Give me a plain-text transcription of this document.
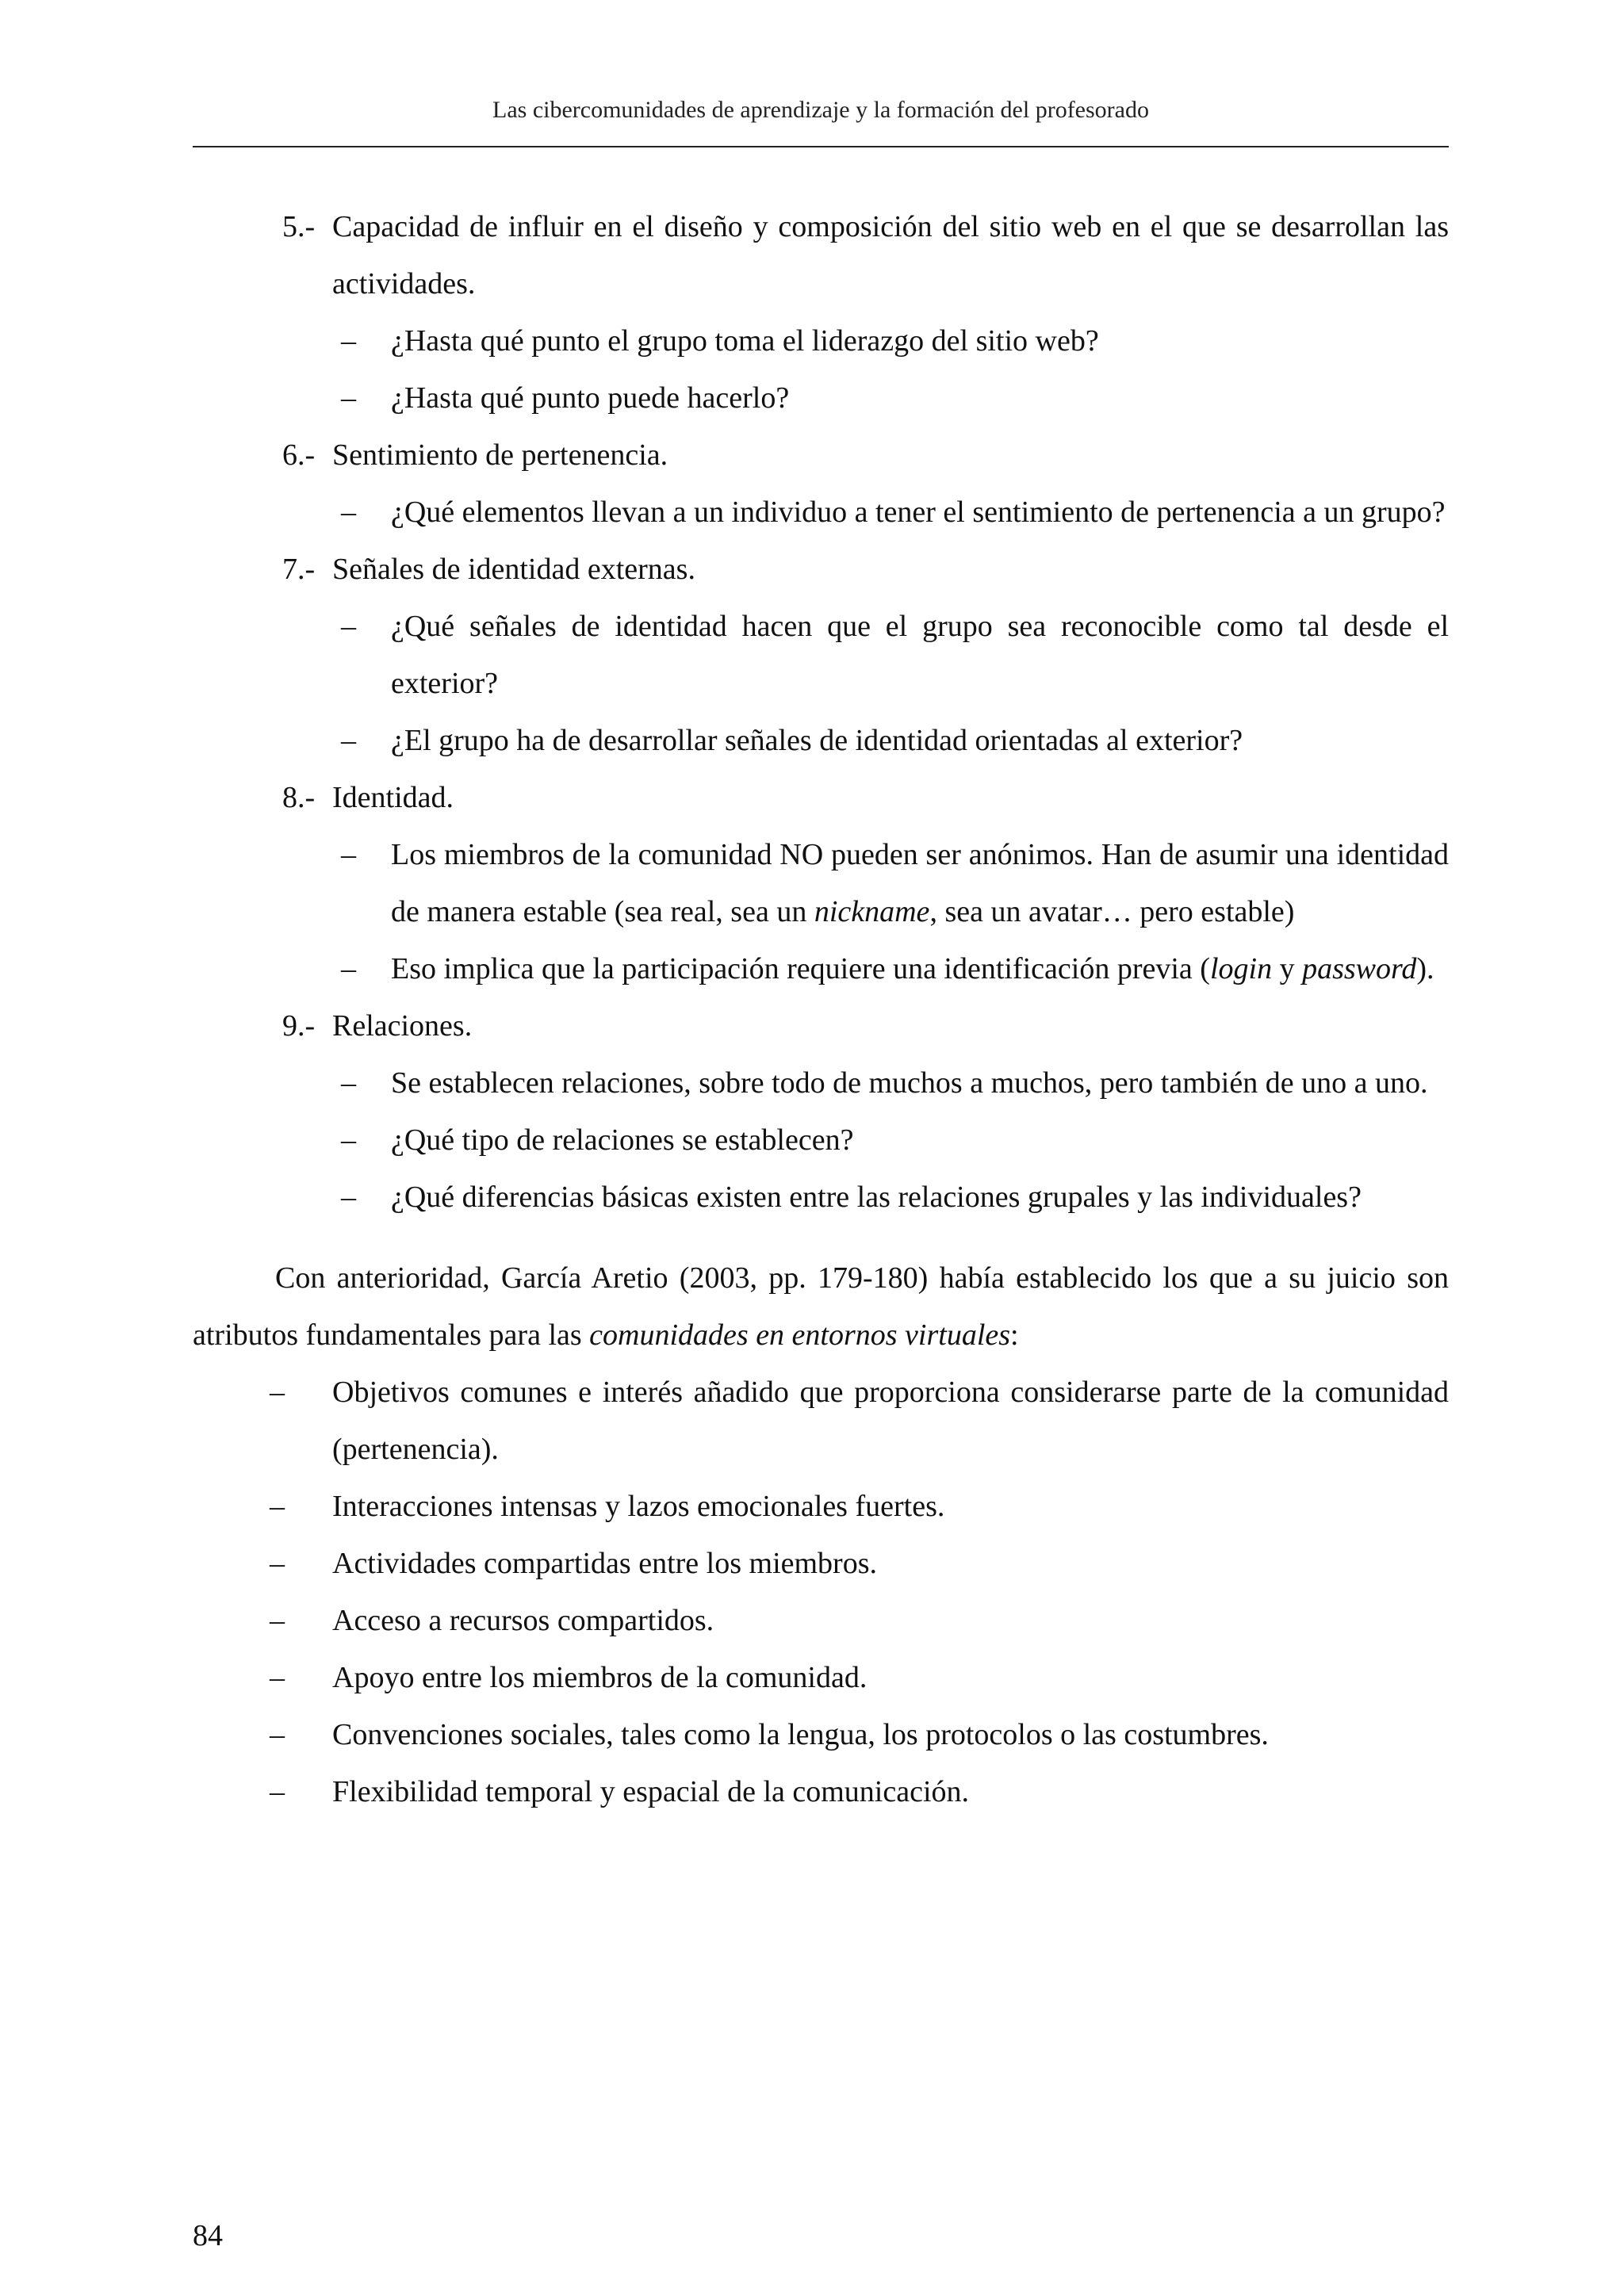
Las cibercomunidades de aprendizaje y la formación del profesorado
5.- Capacidad de influir en el diseño y composición del sitio web en el que se desarrollan las actividades.
– ¿Hasta qué punto el grupo toma el liderazgo del sitio web?
– ¿Hasta qué punto puede hacerlo?
6.- Sentimiento de pertenencia.
– ¿Qué elementos llevan a un individuo a tener el sentimiento de pertenencia a un grupo?
7.- Señales de identidad externas.
– ¿Qué señales de identidad hacen que el grupo sea reconocible como tal desde el exterior?
– ¿El grupo ha de desarrollar señales de identidad orientadas al exterior?
8.- Identidad.
– Los miembros de la comunidad NO pueden ser anónimos. Han de asumir una identidad de manera estable (sea real, sea un nickname, sea un avatar… pero estable)
– Eso implica que la participación requiere una identificación previa (login y password).
9.- Relaciones.
– Se establecen relaciones, sobre todo de muchos a muchos, pero también de uno a uno.
– ¿Qué tipo de relaciones se establecen?
– ¿Qué diferencias básicas existen entre las relaciones grupales y las individuales?
Con anterioridad, García Aretio (2003, pp. 179-180) había establecido los que a su juicio son atributos fundamentales para las comunidades en entornos virtuales:
– Objetivos comunes e interés añadido que proporciona considerarse parte de la comunidad (pertenencia).
– Interacciones intensas y lazos emocionales fuertes.
– Actividades compartidas entre los miembros.
– Acceso a recursos compartidos.
– Apoyo entre los miembros de la comunidad.
– Convenciones sociales, tales como la lengua, los protocolos o las costumbres.
– Flexibilidad temporal y espacial de la comunicación.
84
